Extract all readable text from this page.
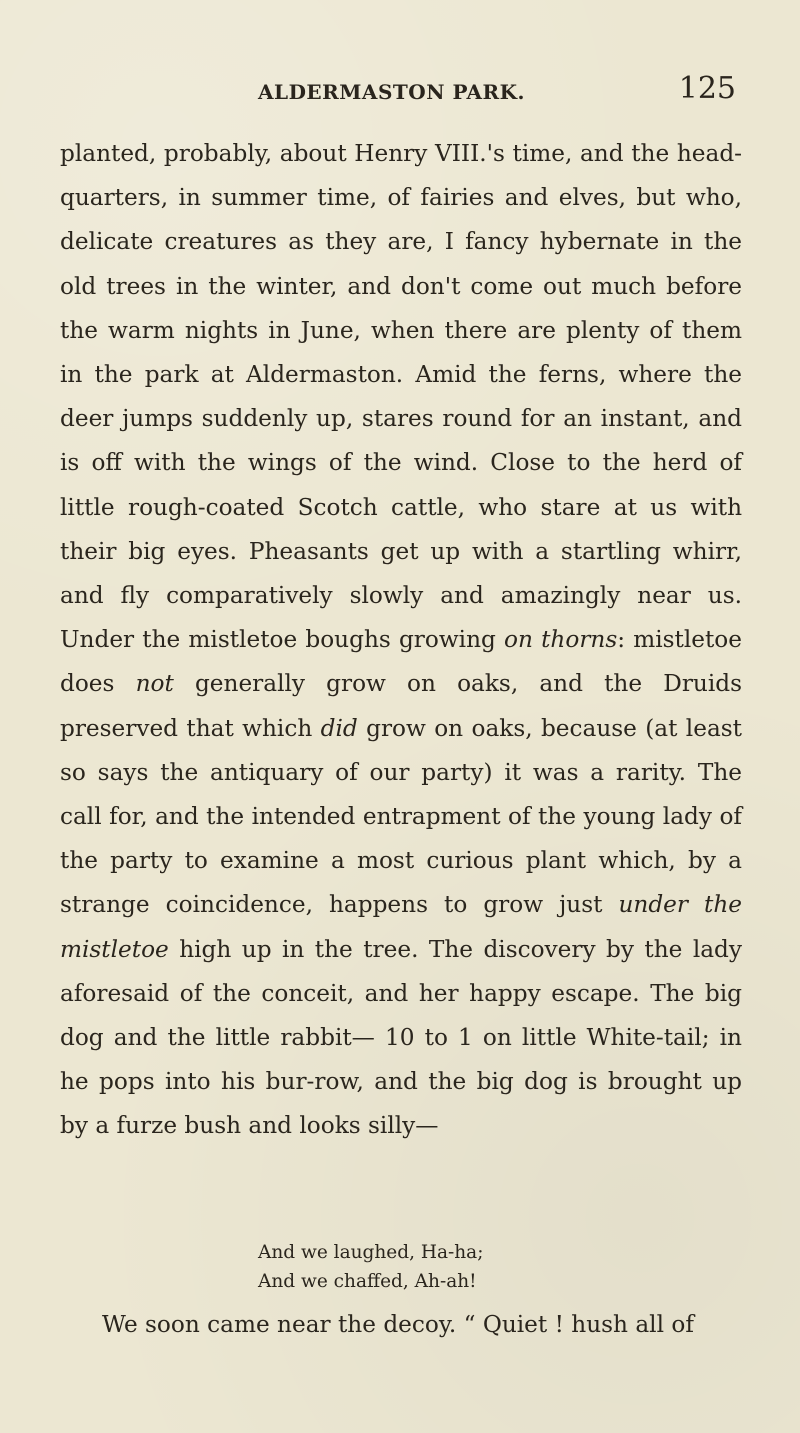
ALDERMASTON PARK.	125

planted, probably, about Henry VIII.'s time, and the head-quarters, in summer time, of fairies and elves, but who, delicate creatures as they are, I fancy hybernate in the old trees in the winter, and don't come out much before the warm nights in June, when there are plenty of them in the park at Aldermaston. Amid the ferns, where the deer jumps suddenly up, stares round for an instant, and is off with the wings of the wind. Close to the herd of little rough-coated Scotch cattle, who stare at us with their big eyes. Pheasants get up with a startling whirr, and fly comparatively slowly and amazingly near us. Under the mistletoe boughs growing on thorns: mistletoe does not generally grow on oaks, and the Druids preserved that which did grow on oaks, because (at least so says the antiquary of our party) it was a rarity. The call for, and the intended entrapment of the young lady of the party to examine a most curious plant which, by a strange coincidence, happens to grow just under the mistletoe high up in the tree. The discovery by the lady aforesaid of the conceit, and her happy escape. The big dog and the little rabbit— 10 to 1 on little White-tail; in he pops into his bur-row, and the big dog is brought up by a furze bush and looks silly—

And we laughed, Ha-ha;
And we chaffed, Ah-ah!
We soon came near the decoy. “ Quiet ! hush all of
